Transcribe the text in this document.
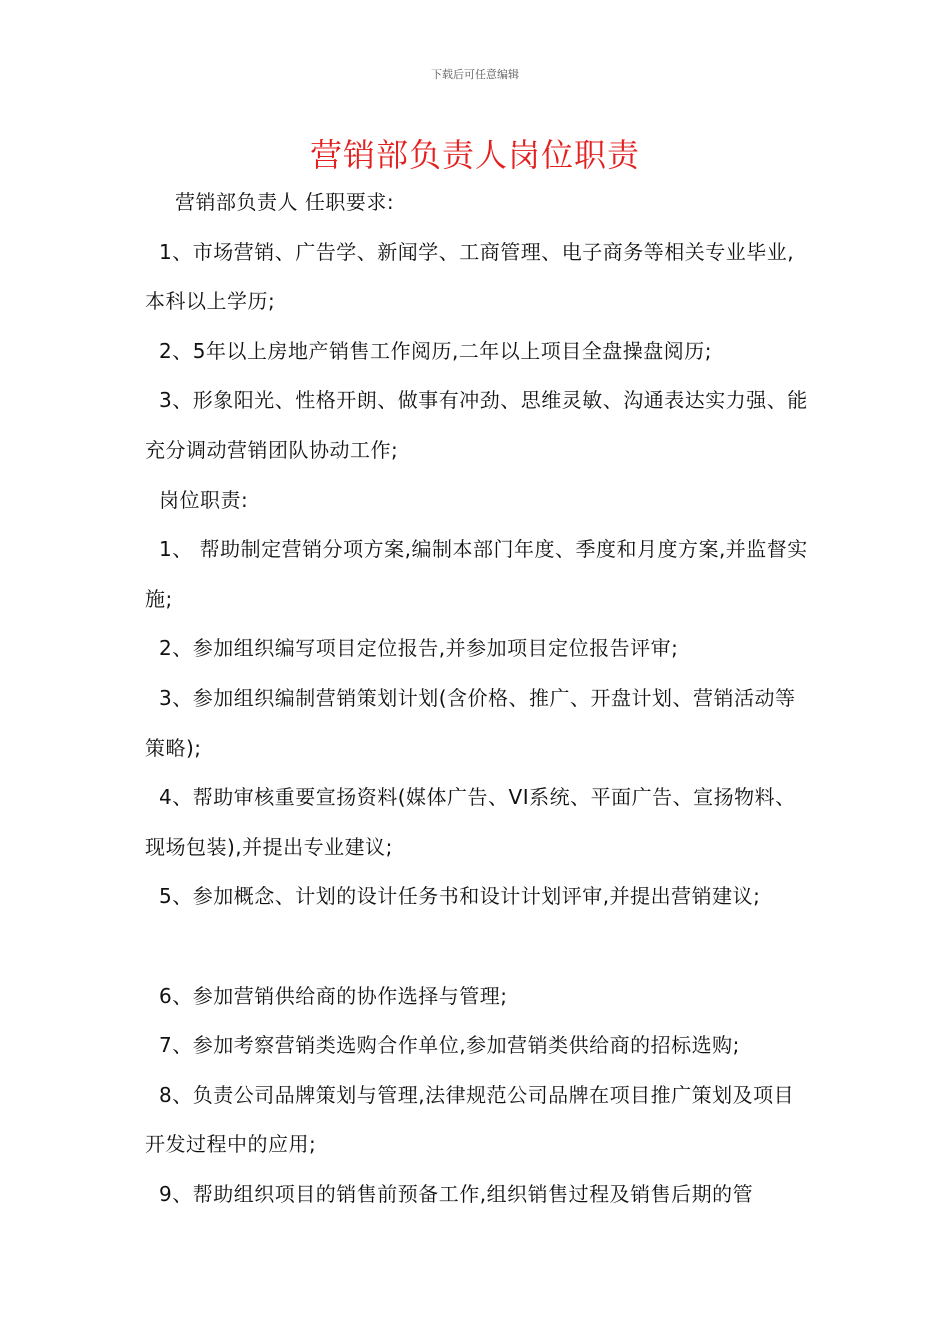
下载后可任意编辑
营销部负责人岗位职责

营销部负责人 任职要求:

1、市场营销、广告学、新闻学、工商管理、电子商务等相关专业毕业,本科以上学历;

2、5年以上房地产销售工作阅历,二年以上项目全盘操盘阅历;

3、形象阳光、性格开朗、做事有冲劲、思维灵敏、沟通表达实力强、能充分调动营销团队协动工作;

岗位职责:

1、 帮助制定营销分项方案,编制本部门年度、季度和月度方案,并监督实施;

2、参加组织编写项目定位报告,并参加项目定位报告评审;

3、参加组织编制营销策划计划(含价格、推广、开盘计划、营销活动等策略);

4、帮助审核重要宣扬资料(媒体广告、VI系统、平面广告、宣扬物料、现场包装),并提出专业建议;

5、参加概念、计划的设计任务书和设计计划评审,并提出营销建议;

6、参加营销供给商的协作选择与管理;

7、参加考察营销类选购合作单位,参加营销类供给商的招标选购;

8、负责公司品牌策划与管理,法律规范公司品牌在项目推广策划及项目开发过程中的应用;

9、帮助组织项目的销售前预备工作,组织销售过程及销售后期的管
